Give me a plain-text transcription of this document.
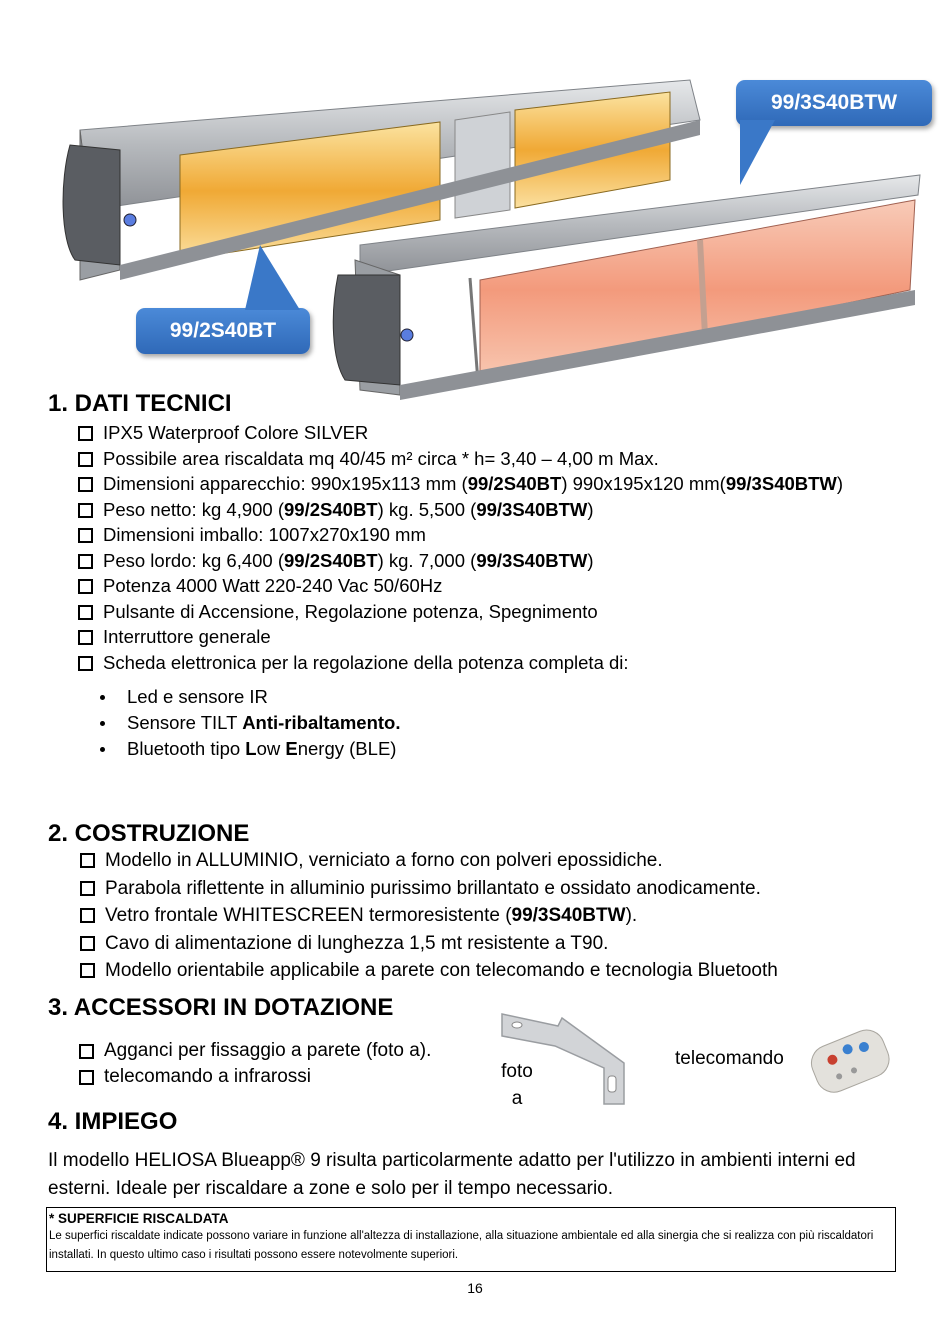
99/3S40BTW
99/2S40BT
1. DATI TECNICI
IPX5 Waterproof Colore SILVER
Possibile area riscaldata mq 40/45 m² circa * h= 3,40 – 4,00 m Max.
Dimensioni apparecchio: 990x195x113 mm (99/2S40BT) 990x195x120 mm(99/3S40BTW)
Peso netto: kg 4,900 (99/2S40BT) kg. 5,500 (99/3S40BTW)
Dimensioni imballo: 1007x270x190 mm
Peso lordo: kg 6,400 (99/2S40BT) kg. 7,000 (99/3S40BTW)
Potenza 4000 Watt 220-240 Vac 50/60Hz
Pulsante di Accensione, Regolazione potenza, Spegnimento
Interruttore generale
Scheda elettronica per la regolazione della potenza completa di:
Led e sensore IR
Sensore TILT Anti-ribaltamento.
Bluetooth tipo Low Energy (BLE)
2. COSTRUZIONE
Modello in ALLUMINIO, verniciato a forno con polveri epossidiche.
Parabola riflettente in alluminio purissimo brillantato e ossidato anodicamente.
Vetro frontale WHITESCREEN termoresistente (99/3S40BTW).
Cavo di alimentazione di lunghezza 1,5 mt resistente a T90.
Modello orientabile applicabile a parete con telecomando e tecnologia Bluetooth
3. ACCESSORI IN DOTAZIONE
Agganci per fissaggio a parete (foto a).
telecomando a infrarossi	foto
a
telecomando
4. IMPIEGO
Il modello HELIOSA Blueapp® 9 risulta particolarmente adatto per l'utilizzo in ambienti interni ed esterni. Ideale per riscaldare a zone e solo per il tempo necessario.
* SUPERFICIE RISCALDATA
Le superfici riscaldate indicate possono variare in funzione all'altezza di installazione, alla situazione ambientale ed alla sinergia che si realizza con più riscaldatori installati. In questo ultimo caso i risultati possono essere notevolmente superiori.
16
